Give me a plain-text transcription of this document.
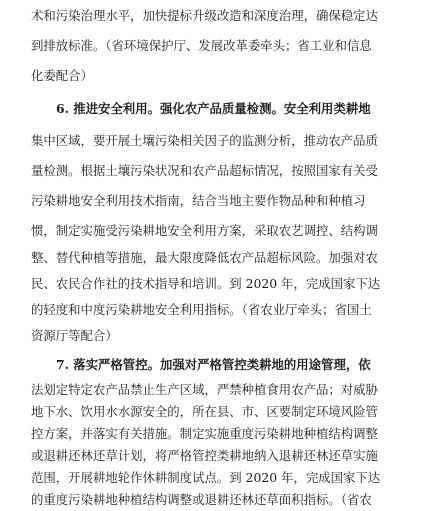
术和污染治理水平，加快提标升级改造和深度治理，确保稳定达
到排放标准。（省环境保护厅、发展改革委牵头；省工业和信息
化委配合）
6. 推进安全利用。强化农产品质量检测。安全利用类耕地
集中区域，要开展土壤污染相关因子的监测分析，推动农产品质
量检测。根据土壤污染状况和农产品超标情况，按照国家有关受
污染耕地安全利用技术指南，结合当地主要作物品种和种植习
惯，制定实施受污染耕地安全利用方案，采取农艺调控、结构调
整、替代种植等措施，最大限度降低农产品超标风险。加强对农
民、农民合作社的技术指导和培训。到 2020 年，完成国家下达
的轻度和中度污染耕地安全利用指标。（省农业厅牵头；省国土
资源厅等配合）
7. 落实严格管控。加强对严格管控类耕地的用途管理，依
法划定特定农产品禁止生产区域，严禁种植食用农产品；对威胁
地下水、饮用水水源安全的，所在县、市、区要制定环境风险管
控方案，并落实有关措施。制定实施重度污染耕地种植结构调整
或退耕还林还草计划，将严格管控类耕地纳入退耕还林还草实施
范围，开展耕地轮作休耕制度试点。到 2020 年，完成国家下达
的重度污染耕地种植结构调整或退耕还林还草面积指标。（省农
